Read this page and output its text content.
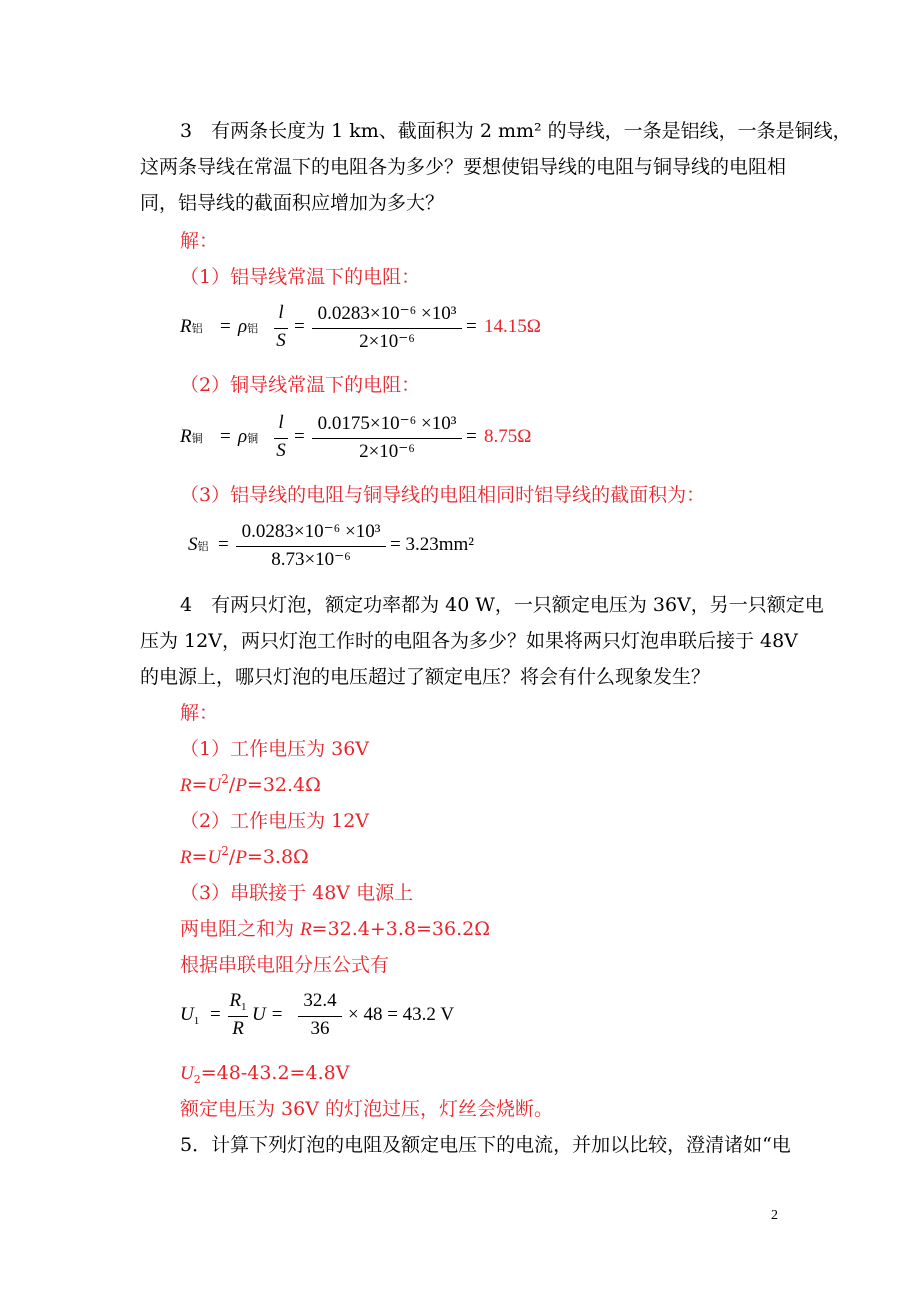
3　有两条长度为 1 km、截面积为 2 mm² 的导线，一条是铝线，一条是铜线，
这两条导线在常温下的电阻各为多少？要想使铝导线的电阻与铜导线的电阻相
同，铝导线的截面积应增加为多大？
解：
（1）铝导线常温下的电阻：
R铝 = ρ铝
l
S
=
0.0283×10⁻⁶ ×10³
2×10⁻⁶
= 14.15Ω
（2）铜导线常温下的电阻：
R铜 = ρ铜
l
S
=
0.0175×10⁻⁶ ×10³
2×10⁻⁶
= 8.75Ω
（3）铝导线的电阻与铜导线的电阻相同时铝导线的截面积为：
S铝 =
0.0283×10⁻⁶ ×10³
8.73×10⁻⁶
= 3.23mm²
4　有两只灯泡，额定功率都为 40 W，一只额定电压为 36V，另一只额定电
压为 12V，两只灯泡工作时的电阻各为多少？如果将两只灯泡串联后接于 48V
的电源上，哪只灯泡的电压超过了额定电压？将会有什么现象发生？
解：
（1）工作电压为 36V
$R=U^2/P=32.4\Omega$
（2）工作电压为 12V
$R=U^2/P=3.8\Omega$
（3）串联接于 48V 电源上
两电阻之和为 R=32.4+3.8=36.2Ω
根据串联电阻分压公式有
$U_1$ =
$R_1$
R
U =
32.4
36
× 48 = 43.2 V
$U_2=48-43.2=4.8V$
额定电压为 36V 的灯泡过压，灯丝会烧断。
5．计算下列灯泡的电阻及额定电压下的电流，并加以比较，澄清诸如“电
2
